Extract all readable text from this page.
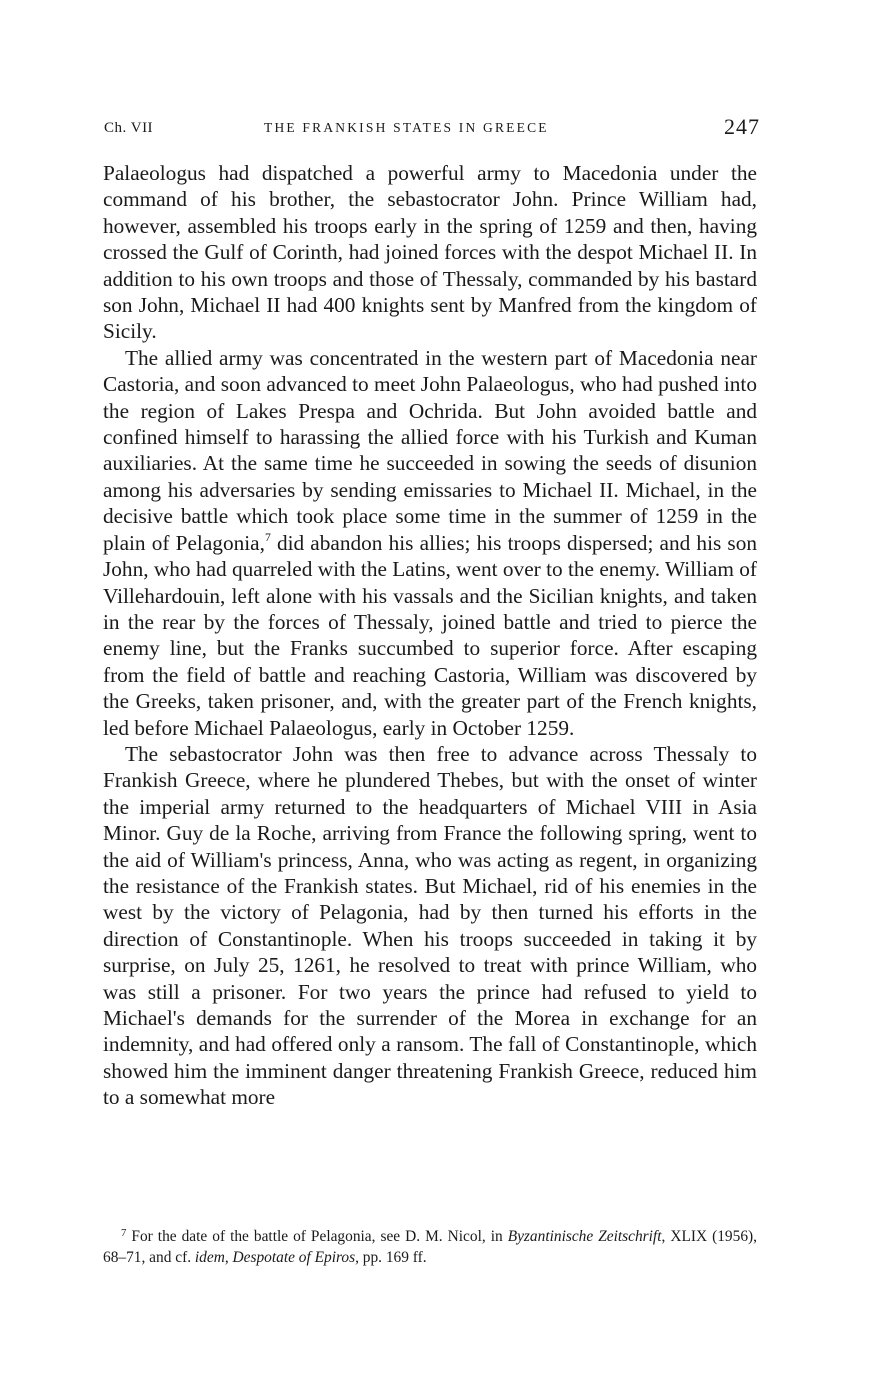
Ch. VII	THE FRANKISH STATES IN GREECE	247

Palaeologus had dispatched a powerful army to Macedonia under the command of his brother, the sebastocrator John. Prince William had, however, assembled his troops early in the spring of 1259 and then, having crossed the Gulf of Corinth, had joined forces with the despot Michael II. In addition to his own troops and those of Thessaly, commanded by his bastard son John, Michael II had 400 knights sent by Manfred from the kingdom of Sicily.

The allied army was concentrated in the western part of Macedonia near Castoria, and soon advanced to meet John Palaeologus, who had pushed into the region of Lakes Prespa and Ochrida. But John avoided battle and confined himself to harassing the allied force with his Turkish and Kuman auxiliaries. At the same time he succeeded in sowing the seeds of disunion among his adversaries by sending emissaries to Michael II. Michael, in the decisive battle which took place some time in the summer of 1259 in the plain of Pelagonia,$^7$ did abandon his allies; his troops dispersed; and his son John, who had quarreled with the Latins, went over to the enemy. William of Villehardouin, left alone with his vassals and the Sicilian knights, and taken in the rear by the forces of Thessaly, joined battle and tried to pierce the enemy line, but the Franks succumbed to superior force. After escaping from the field of battle and reaching Castoria, William was discovered by the Greeks, taken prisoner, and, with the greater part of the French knights, led before Michael Palaeologus, early in October 1259.

The sebastocrator John was then free to advance across Thessaly to Frankish Greece, where he plundered Thebes, but with the onset of winter the imperial army returned to the headquarters of Michael VIII in Asia Minor. Guy de la Roche, arriving from France the following spring, went to the aid of William's princess, Anna, who was acting as regent, in organizing the resistance of the Frankish states. But Michael, rid of his enemies in the west by the victory of Pelagonia, had by then turned his efforts in the direction of Constantinople. When his troops succeeded in taking it by surprise, on July 25, 1261, he resolved to treat with prince William, who was still a prisoner. For two years the prince had refused to yield to Michael's demands for the surrender of the Morea in exchange for an indemnity, and had offered only a ransom. The fall of Constantinople, which showed him the imminent danger threatening Frankish Greece, reduced him to a somewhat more

$^7$ For the date of the battle of Pelagonia, see D. M. Nicol, in Byzantinische Zeitschrift, XLIX (1956), 68–71, and cf. idem, Despotate of Epiros, pp. 169 ff.
